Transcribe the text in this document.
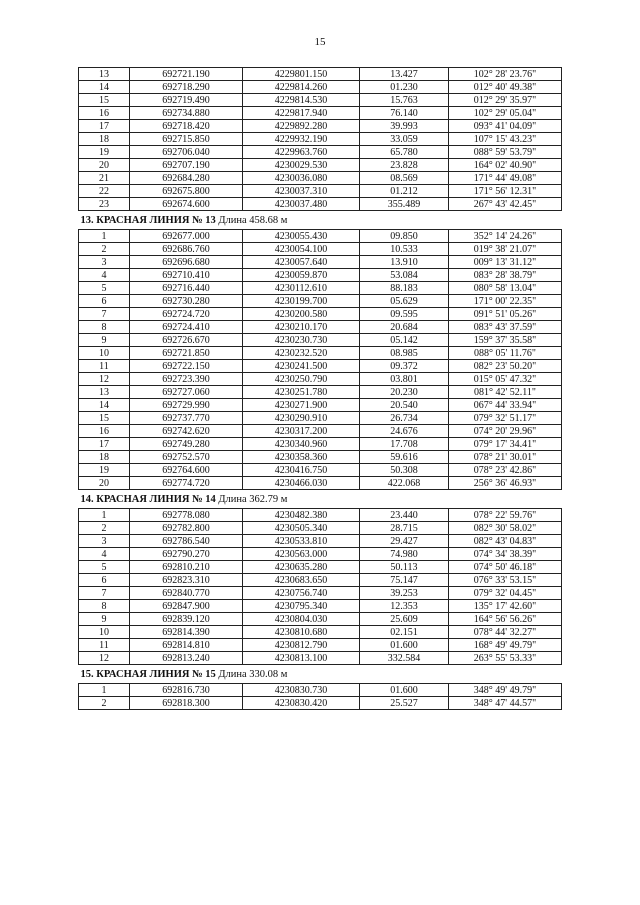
15
13	692721.190	4229801.150	13.427	102° 28' 23.76"
14	692718.290	4229814.260	01.230	012° 40' 49.38"
15	692719.490	4229814.530	15.763	012° 29' 35.97"
16	692734.880	4229817.940	76.140	102° 29' 05.04"
17	692718.420	4229892.280	39.993	093° 41' 04.09"
18	692715.850	4229932.190	33.059	107° 15' 43.23"
19	692706.040	4229963.760	65.780	088° 59' 53.79"
20	692707.190	4230029.530	23.828	164° 02' 40.90"
21	692684.280	4230036.080	08.569	171° 44' 49.08"
22	692675.800	4230037.310	01.212	171° 56' 12.31"
23	692674.600	4230037.480	355.489	267° 43' 42.45"
13. КРАСНАЯ ЛИНИЯ № 13 Длина 458.68 м				
1	692677.000	4230055.430	09.850	352° 14' 24.26"
2	692686.760	4230054.100	10.533	019° 38' 21.07"
3	692696.680	4230057.640	13.910	009° 13' 31.12"
4	692710.410	4230059.870	53.084	083° 28' 38.79"
5	692716.440	4230112.610	88.183	080° 58' 13.04"
6	692730.280	4230199.700	05.629	171° 00' 22.35"
7	692724.720	4230200.580	09.595	091° 51' 05.26"
8	692724.410	4230210.170	20.684	083° 43' 37.59"
9	692726.670	4230230.730	05.142	159° 37' 35.58"
10	692721.850	4230232.520	08.985	088° 05' 11.76"
11	692722.150	4230241.500	09.372	082° 23' 50.20"
12	692723.390	4230250.790	03.801	015° 05' 47.32"
13	692727.060	4230251.780	20.230	081° 42' 52.11"
14	692729.990	4230271.900	20.540	067° 44' 33.94"
15	692737.770	4230290.910	26.734	079° 32' 51.17"
16	692742.620	4230317.200	24.676	074° 20' 29.96"
17	692749.280	4230340.960	17.708	079° 17' 34.41"
18	692752.570	4230358.360	59.616	078° 21' 30.01"
19	692764.600	4230416.750	50.308	078° 23' 42.86"
20	692774.720	4230466.030	422.068	256° 36' 46.93"
14. КРАСНАЯ ЛИНИЯ № 14 Длина 362.79 м				
1	692778.080	4230482.380	23.440	078° 22' 59.76"
2	692782.800	4230505.340	28.715	082° 30' 58.02"
3	692786.540	4230533.810	29.427	082° 43' 04.83"
4	692790.270	4230563.000	74.980	074° 34' 38.39"
5	692810.210	4230635.280	50.113	074° 50' 46.18"
6	692823.310	4230683.650	75.147	076° 33' 53.15"
7	692840.770	4230756.740	39.253	079° 32' 04.45"
8	692847.900	4230795.340	12.353	135° 17' 42.60"
9	692839.120	4230804.030	25.609	164° 56' 56.26"
10	692814.390	4230810.680	02.151	078° 44' 32.27"
11	692814.810	4230812.790	01.600	168° 49' 49.79"
12	692813.240	4230813.100	332.584	263° 55' 53.33"
15. КРАСНАЯ ЛИНИЯ № 15 Длина 330.08 м				
1	692816.730	4230830.730	01.600	348° 49' 49.79"
2	692818.300	4230830.420	25.527	348° 47' 44.57"
